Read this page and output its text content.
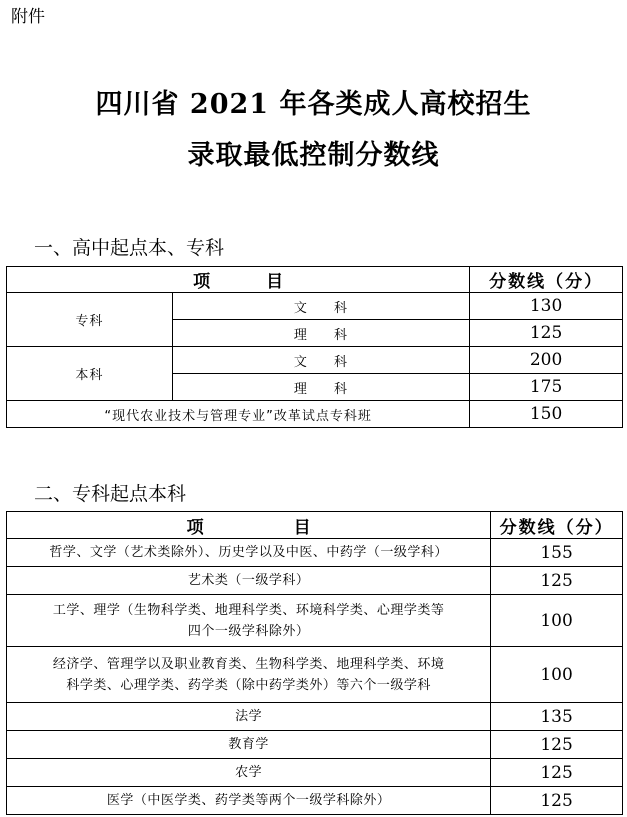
附件
四川省 2021 年各类成人高校招生
录取最低控制分数线
一、高中起点本、专科
项 目		分数线（分）
专科	文 科	130
	理 科	125
本科	文 科	200
	理 科	175
“现代农业技术与管理专业”改革试点专科班		150
二、专科起点本科
项 目	分数线（分）

哲学、文学（艺术类除外）、历史学以及中医、中药学（一级学科）	155

艺术类（一级学科）	125

工学、理学（生物科学类、地理科学类、环境科学类、心理学类等
四个一级学科除外）	100

经济学、管理学以及职业教育类、生物科学类、地理科学类、环境
科学类、心理学类、药学类（除中药学类外）等六个一级学科	100

法学	135

教育学	125

农学	125

医学（中医学类、药学类等两个一级学科除外）	125
